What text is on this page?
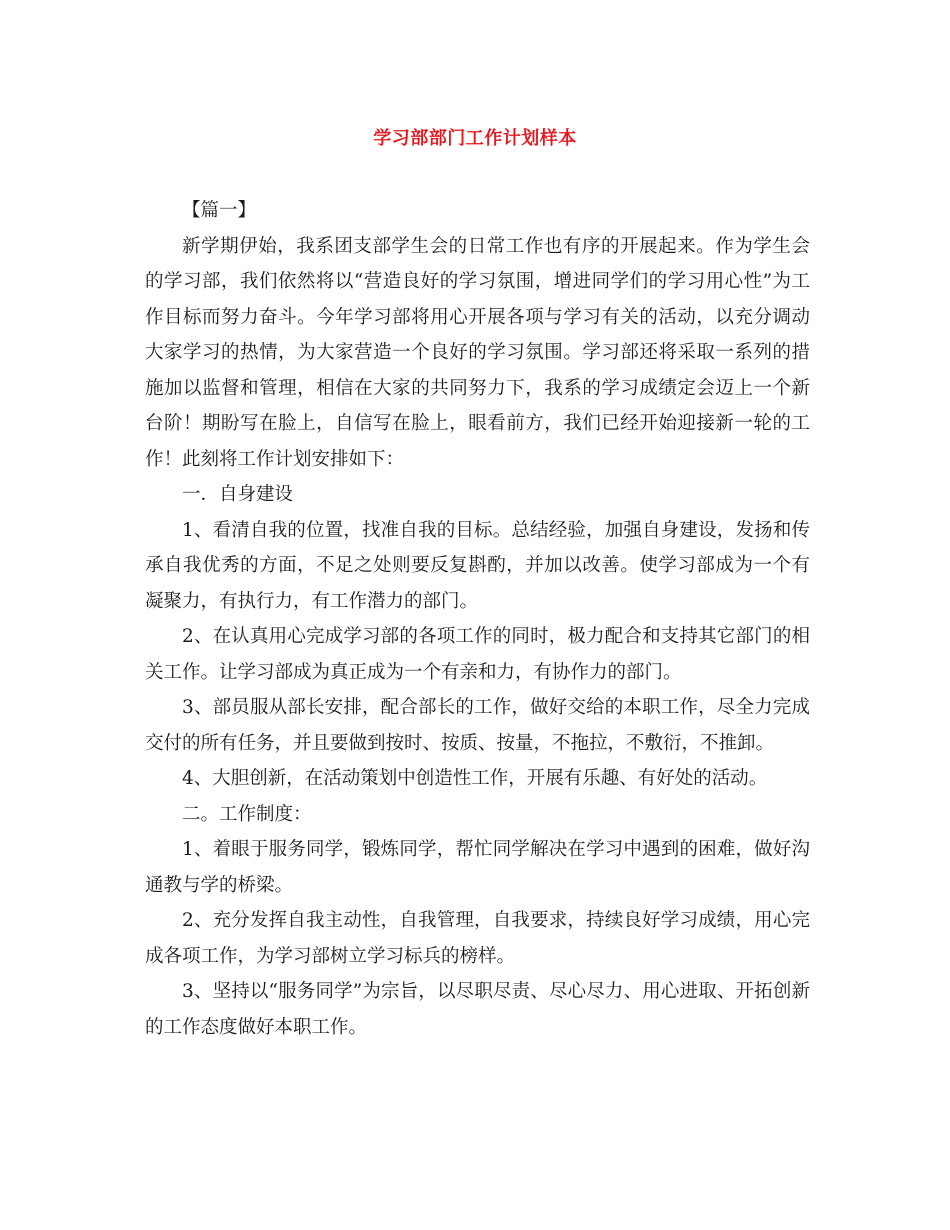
学习部部门工作计划样本

【篇一】

新学期伊始，我系团支部学生会的日常工作也有序的开展起来。作为学生会的学习部，我们依然将以“营造良好的学习氛围，增进同学们的学习用心性”为工作目标而努力奋斗。今年学习部将用心开展各项与学习有关的活动，以充分调动大家学习的热情，为大家营造一个良好的学习氛围。学习部还将采取一系列的措施加以监督和管理，相信在大家的共同努力下，我系的学习成绩定会迈上一个新台阶！期盼写在脸上，自信写在脸上，眼看前方，我们已经开始迎接新一轮的工作！此刻将工作计划安排如下：

一．自身建设

1、看清自我的位置，找准自我的目标。总结经验，加强自身建设，发扬和传承自我优秀的方面，不足之处则要反复斟酌，并加以改善。使学习部成为一个有凝聚力，有执行力，有工作潜力的部门。

2、在认真用心完成学习部的各项工作的同时，极力配合和支持其它部门的相关工作。让学习部成为真正成为一个有亲和力，有协作力的部门。

3、部员服从部长安排，配合部长的工作，做好交给的本职工作，尽全力完成交付的所有任务，并且要做到按时、按质、按量，不拖拉，不敷衍，不推卸。

4、大胆创新，在活动策划中创造性工作，开展有乐趣、有好处的活动。

二。工作制度：

1、着眼于服务同学，锻炼同学，帮忙同学解决在学习中遇到的困难，做好沟通教与学的桥梁。

2、充分发挥自我主动性，自我管理，自我要求，持续良好学习成绩，用心完成各项工作，为学习部树立学习标兵的榜样。

3、坚持以“服务同学”为宗旨，以尽职尽责、尽心尽力、用心进取、开拓创新的工作态度做好本职工作。
